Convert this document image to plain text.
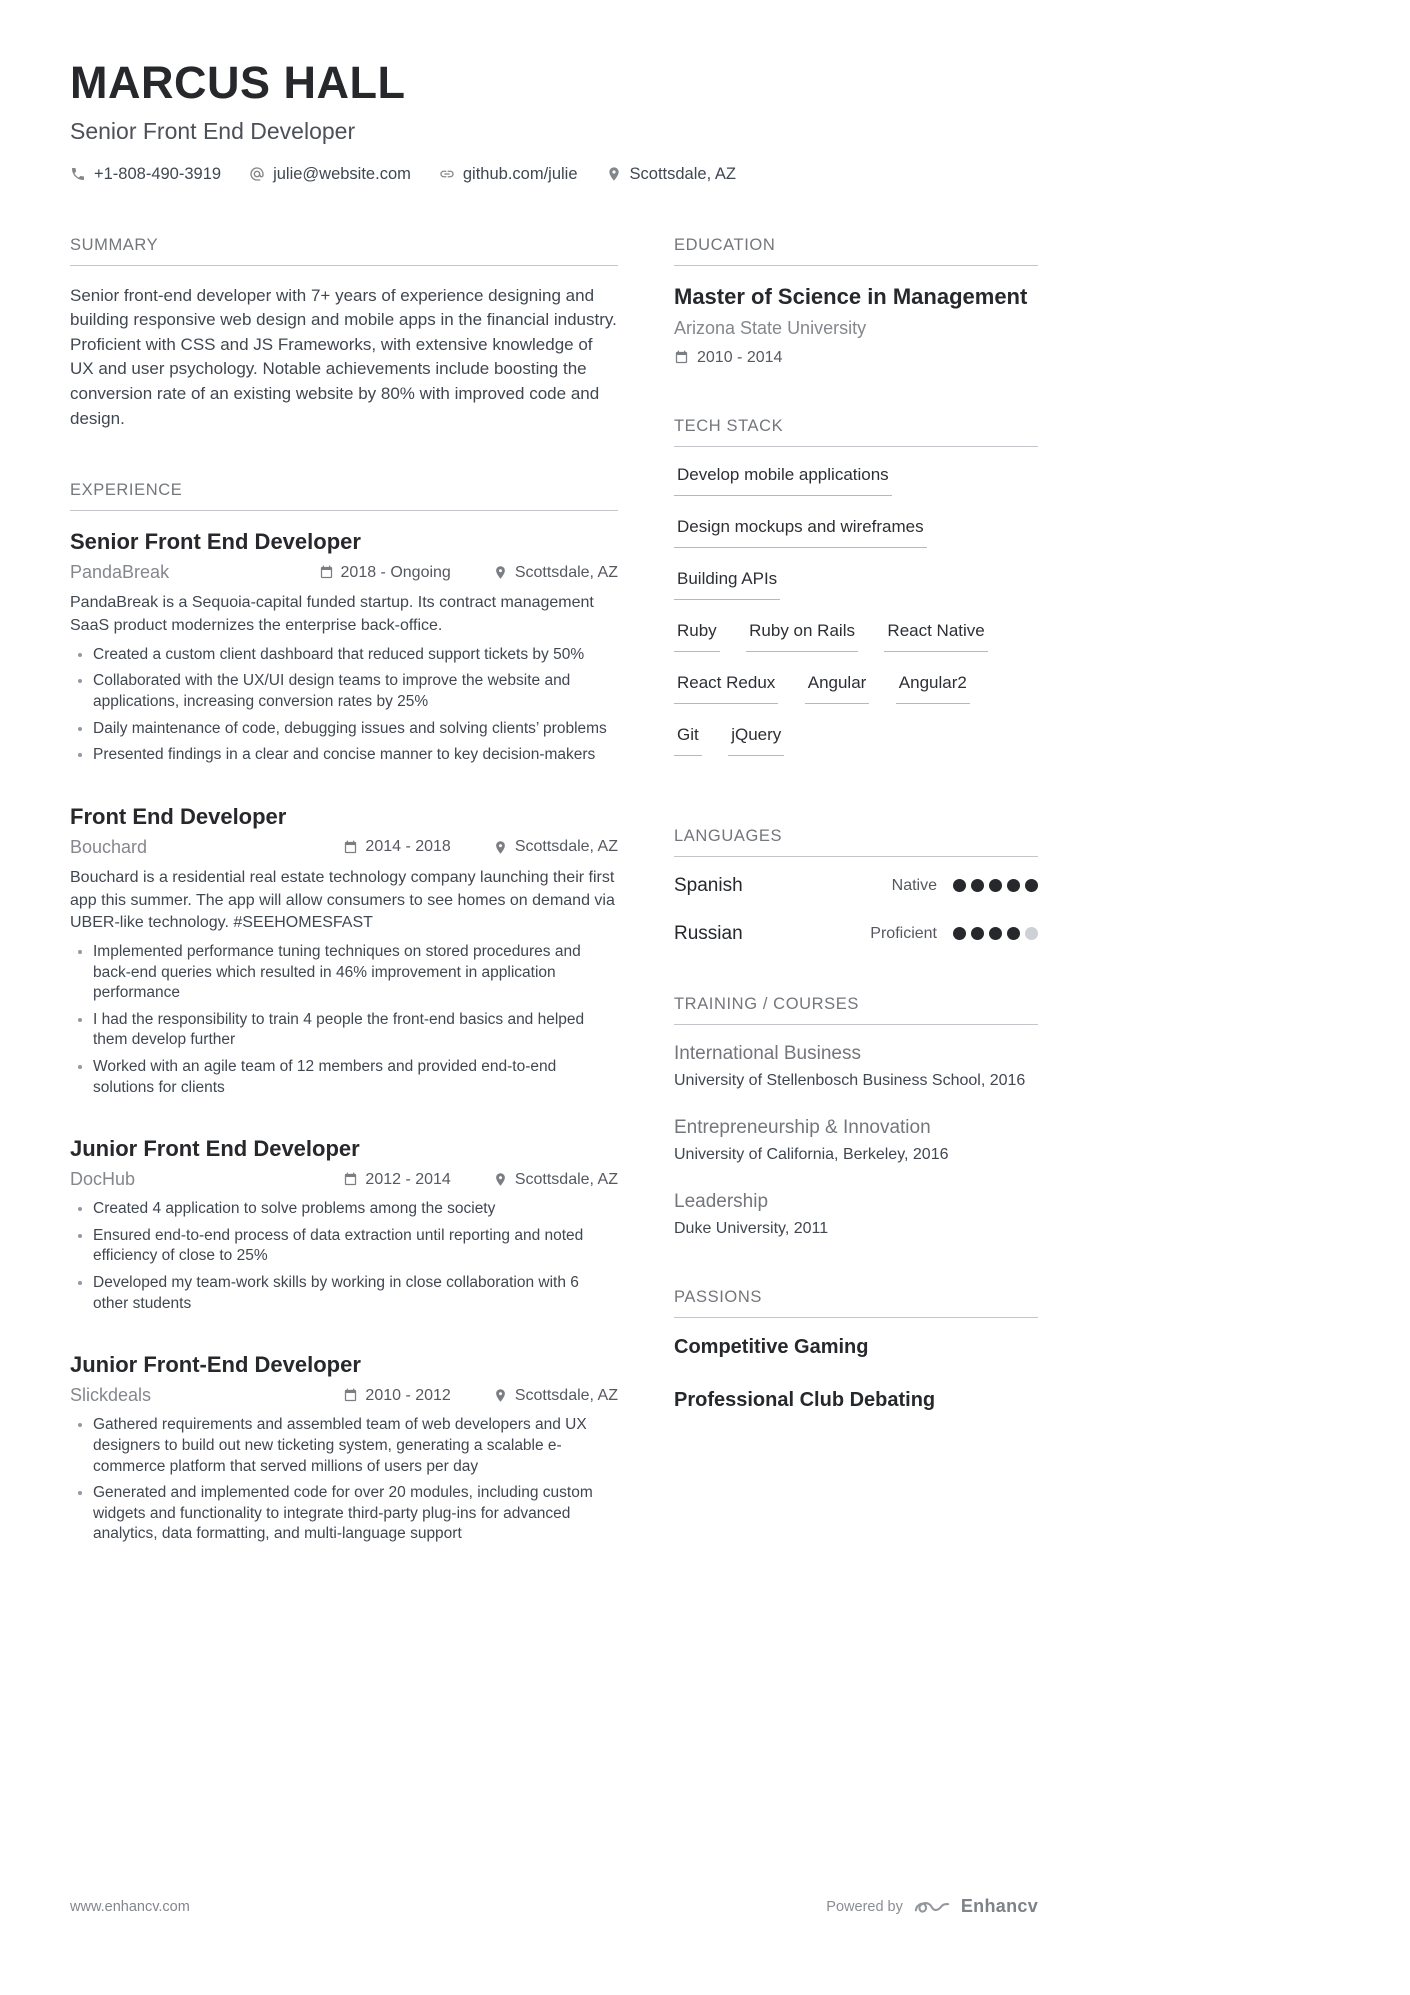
MARCUS HALL
Senior Front End Developer
+1-808-490-3919	julie@website.com	github.com/julie	Scottsdale, AZ
SUMMARY

Senior front-end developer with 7+ years of experience designing and building responsive web design and mobile apps in the financial industry. Proficient with CSS and JS Frameworks, with extensive knowledge of UX and user psychology. Notable achievements include boosting the conversion rate of an existing website by 80% with improved code and design.

EXPERIENCE
Senior Front End Developer
PandaBreak	2018 - Ongoing	Scottsdale, AZ

PandaBreak is a Sequoia-capital funded startup. Its contract management SaaS product modernizes the enterprise back-office.

Created a custom client dashboard that reduced support tickets by 50%
Collaborated with the UX/UI design teams to improve the website and applications, increasing conversion rates by 25%
Daily maintenance of code, debugging issues and solving clients’ problems
Presented findings in a clear and concise manner to key decision-makers
Front End Developer
Bouchard	2014 - 2018	Scottsdale, AZ

Bouchard is a residential real estate technology company launching their first app this summer. The app will allow consumers to see homes on demand via UBER-like technology. #SEEHOMESFAST

Implemented performance tuning techniques on stored procedures and back-end queries which resulted in 46% improvement in application performance
I had the responsibility to train 4 people the front-end basics and helped them develop further
Worked with an agile team of 12 members and provided end-to-end solutions for clients
Junior Front End Developer
DocHub	2012 - 2014	Scottsdale, AZ
Created 4 application to solve problems among the society
Ensured end-to-end process of data extraction until reporting and noted efficiency of close to 25%
Developed my team-work skills by working in close collaboration with 6 other students
Junior Front-End Developer
Slickdeals	2010 - 2012	Scottsdale, AZ
Gathered requirements and assembled team of web developers and UX designers to build out new ticketing system, generating a scalable e-commerce platform that served millions of users per day
Generated and implemented code for over 20 modules, including custom widgets and functionality to integrate third-party plug-ins for advanced analytics, data formatting, and multi-language support
EDUCATION
Master of Science in Management
Arizona State University
2010 - 2014
TECH STACK
Develop mobile applications
Design mockups and wireframes
Building APIs
Ruby Ruby on Rails React Native React Redux Angular Angular2 Git jQuery
LANGUAGES
Spanish	Native
Russian	Proficient
TRAINING / COURSES
International Business
University of Stellenbosch Business School, 2016
Entrepreneurship & Innovation
University of California, Berkeley, 2016
Leadership
Duke University, 2011
PASSIONS
Competitive Gaming
Professional Club Debating
www.enhancv.com	Powered by	Enhancv
